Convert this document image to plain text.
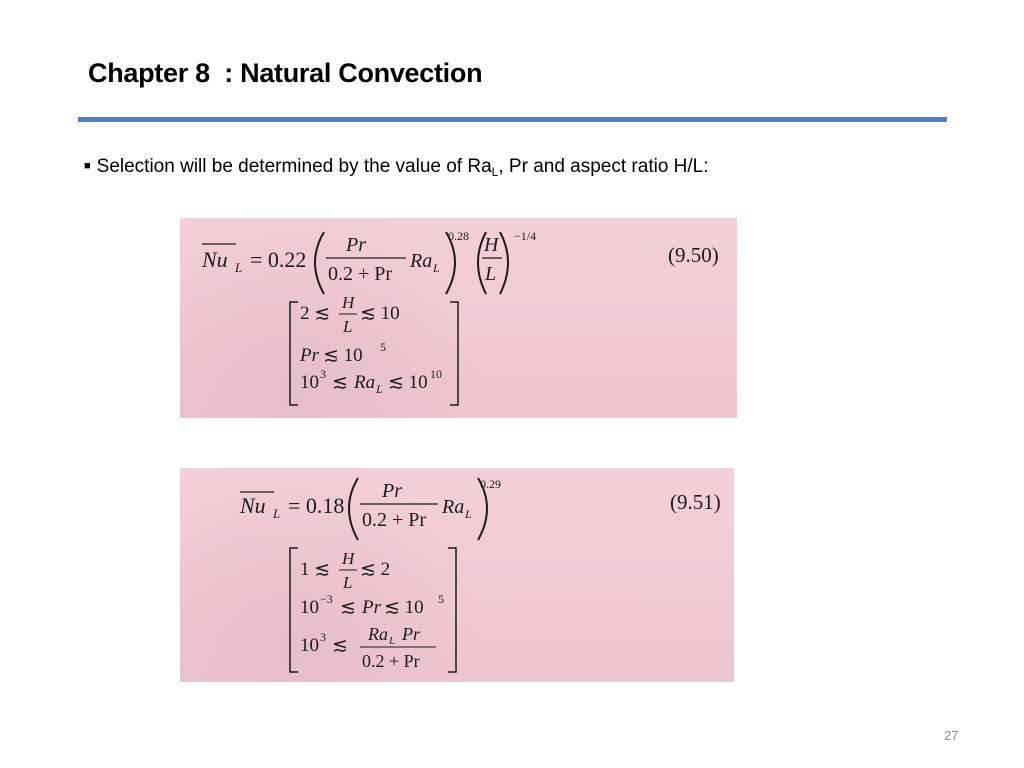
Chapter 8  : Natural Convection
■ Selection will be determined by the value of $Ra_L$, Pr and aspect ratio H/L:
Nu L = 0.22
Pr
0.2 + Pr
Ra L
0.28 H
L
−1/4
2 ≲
H
L
≲ 10
Pr ≲ 10 5
10 3 ≲ Ra L ≲ 10 10
(9.50)
Nu L = 0.18
Pr
0.2 + Pr
Ra L
0.29
1 ≲
H
L
≲ 2
10 −3 ≲ Pr ≲ 10 5
10 3 ≲
Ra L Pr
0.2 + Pr
(9.51)
27
